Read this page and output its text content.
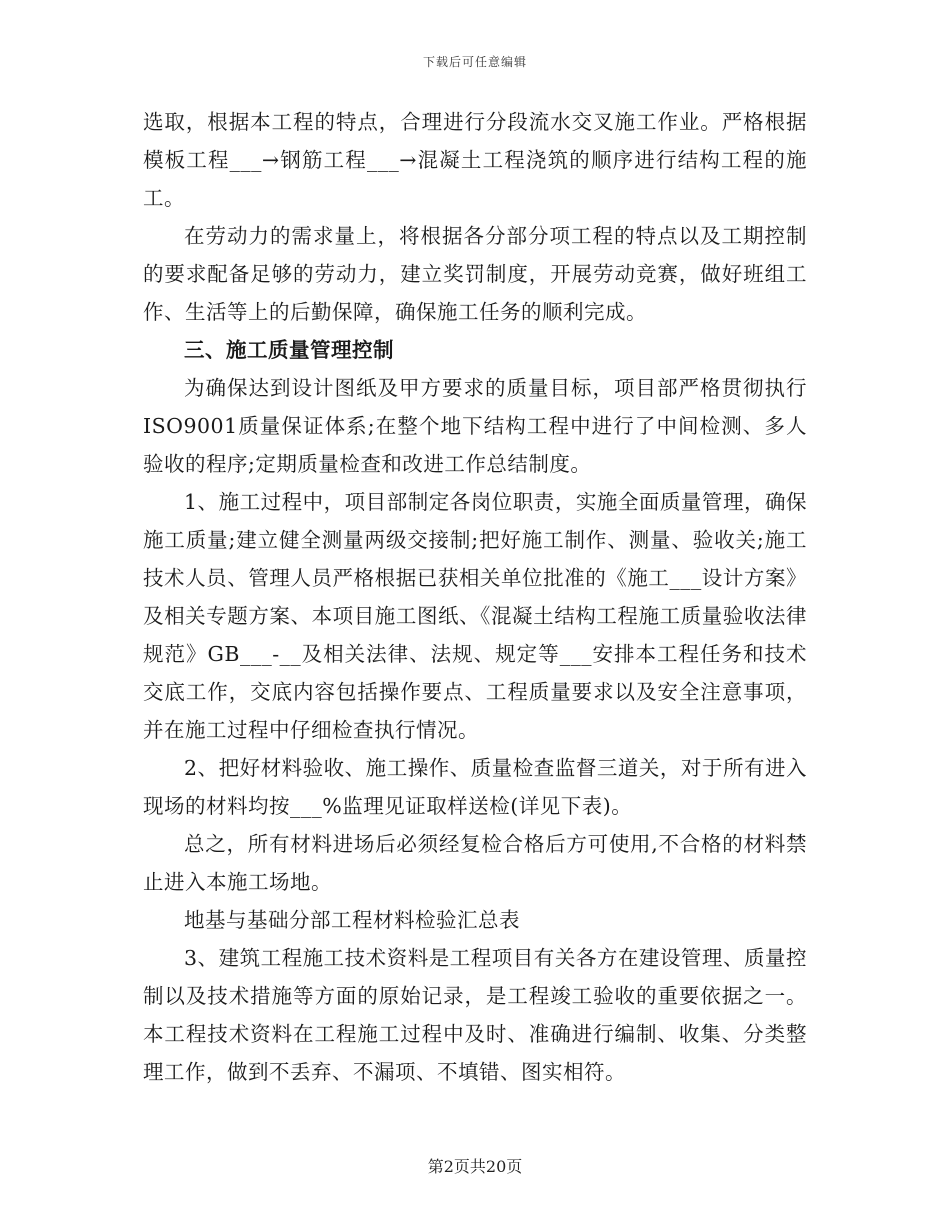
下载后可任意编辑

选取，根据本工程的特点，合理进行分段流水交叉施工作业。严格根据模板工程___→钢筋工程___→混凝土工程浇筑的顺序进行结构工程的施工。

在劳动力的需求量上，将根据各分部分项工程的特点以及工期控制的要求配备足够的劳动力，建立奖罚制度，开展劳动竞赛，做好班组工作、生活等上的后勤保障，确保施工任务的顺利完成。

三、施工质量管理控制

为确保达到设计图纸及甲方要求的质量目标，项目部严格贯彻执行ISO9001质量保证体系;在整个地下结构工程中进行了中间检测、多人验收的程序;定期质量检查和改进工作总结制度。

1、施工过程中，项目部制定各岗位职责，实施全面质量管理，确保施工质量;建立健全测量两级交接制;把好施工制作、测量、验收关;施工技术人员、管理人员严格根据已获相关单位批准的《施工___设计方案》及相关专题方案、本项目施工图纸、《混凝土结构工程施工质量验收法律规范》GB___-__及相关法律、法规、规定等___安排本工程任务和技术交底工作，交底内容包括操作要点、工程质量要求以及安全注意事项，并在施工过程中仔细检查执行情况。

2、把好材料验收、施工操作、质量检查监督三道关，对于所有进入现场的材料均按___%监理见证取样送检(详见下表)。

总之，所有材料进场后必须经复检合格后方可使用,不合格的材料禁止进入本施工场地。

地基与基础分部工程材料检验汇总表

3、建筑工程施工技术资料是工程项目有关各方在建设管理、质量控制以及技术措施等方面的原始记录，是工程竣工验收的重要依据之一。本工程技术资料在工程施工过程中及时、准确进行编制、收集、分类整理工作，做到不丢弃、不漏项、不填错、图实相符。

第2页共20页
